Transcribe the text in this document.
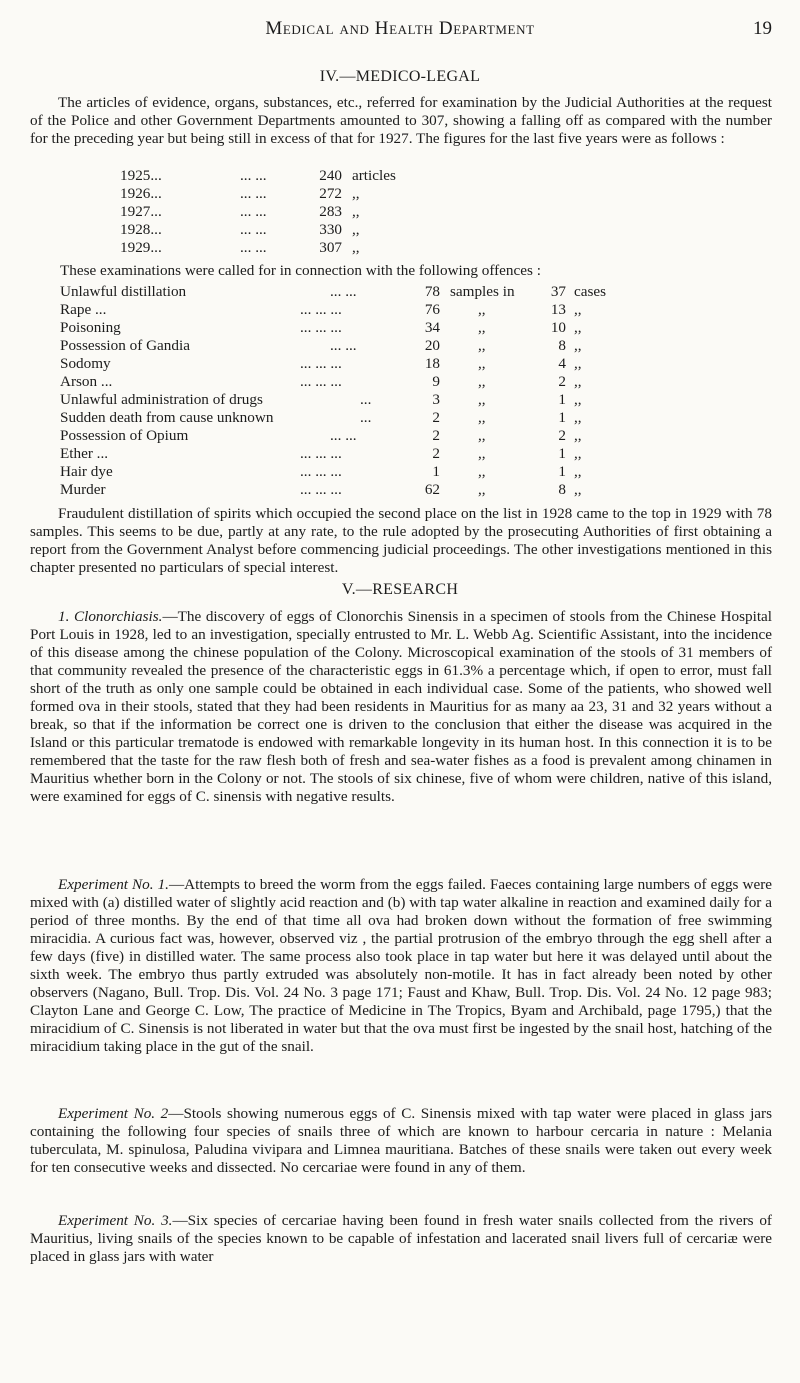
Medical and Health Department	19
IV.—MEDICO-LEGAL
The articles of evidence, organs, substances, etc., referred for examination by the Judicial Authorities at the request of the Police and other Government Departments amounted to 307, showing a falling off as compared with the number for the preceding year but being still in excess of that for 1927. The figures for the last five years were as follows :
1925...	... ...	240 articles
1926...	... ...	272 ,,
1927...	... ...	283 ,,
1928...	... ...	330 ,,
1929...	... ...	307 ,,
These examinations were called for in connection with the following offences :
Unlawful distillation	... ...	78 samples in	37 cases
Rape ...	... ... ...	76	,,	13 ,,
Poisoning	... ... ...	34	,,	10 ,,
Possession of Gandia	... ...	20	,,	8 ,,
Sodomy	... ... ...	18	,,	4 ,,
Arson ...	... ... ...	9	,,	2 ,,
Unlawful administration of drugs	...	3	,,	1 ,,
Sudden death from cause unknown	...	2	,,	1 ,,
Possession of Opium	... ...	2	,,	2 ,,
Ether ...	... ... ...	2	,,	1 ,,
Hair dye	... ... ...	1	,,	1 ,,
Murder	... ... ...	62	,,	8 ,,
Fraudulent distillation of spirits which occupied the second place on the list in 1928 came to the top in 1929 with 78 samples. This seems to be due, partly at any rate, to the rule adopted by the prosecuting Authorities of first obtaining a report from the Government Analyst before commencing judicial proceedings. The other investigations mentioned in this chapter presented no particulars of special interest.
V.—RESEARCH
1. Clonorchiasis.—The discovery of eggs of Clonorchis Sinensis in a specimen of stools from the Chinese Hospital Port Louis in 1928, led to an investigation, specially entrusted to Mr. L. Webb Ag. Scientific Assistant, into the incidence of this disease among the chinese population of the Colony. Microscopical examination of the stools of 31 members of that community revealed the presence of the characteristic eggs in 61.3% a percentage which, if open to error, must fall short of the truth as only one sample could be obtained in each individual case. Some of the patients, who showed well formed ova in their stools, stated that they had been residents in Mauritius for as many aa 23, 31 and 32 years without a break, so that if the information be correct one is driven to the conclusion that either the disease was acquired in the Island or this particular trematode is endowed with remarkable longevity in its human host. In this connection it is to be remembered that the taste for the raw flesh both of fresh and sea-water fishes as a food is prevalent among chinamen in Mauritius whether born in the Colony or not. The stools of six chinese, five of whom were children, native of this island, were examined for eggs of C. sinensis with negative results.
Experiment No. 1.—Attempts to breed the worm from the eggs failed. Faeces containing large numbers of eggs were mixed with (a) distilled water of slightly acid reaction and (b) with tap water alkaline in reaction and examined daily for a period of three months. By the end of that time all ova had broken down without the formation of free swimming miracidia. A curious fact was, however, observed viz , the partial protrusion of the embryo through the egg shell after a few days (five) in distilled water. The same process also took place in tap water but here it was delayed until about the sixth week. The embryo thus partly extruded was absolutely non-motile. It has in fact already been noted by other observers (Nagano, Bull. Trop. Dis. Vol. 24 No. 3 page 171; Faust and Khaw, Bull. Trop. Dis. Vol. 24 No. 12 page 983; Clayton Lane and George C. Low, The practice of Medicine in The Tropics, Byam and Archibald, page 1795,) that the miracidium of C. Sinensis is not liberated in water but that the ova must first be ingested by the snail host, hatching of the miracidium taking place in the gut of the snail.
Experiment No. 2—Stools showing numerous eggs of C. Sinensis mixed with tap water were placed in glass jars containing the following four species of snails three of which are known to harbour cercaria in nature : Melania tuberculata, M. spinulosa, Paludina vivipara and Limnea mauritiana. Batches of these snails were taken out every week for ten consecutive weeks and dissected. No cercariae were found in any of them.
Experiment No. 3.—Six species of cercariae having been found in fresh water snails collected from the rivers of Mauritius, living snails of the species known to be capable of infestation and lacerated snail livers full of cercariæ were placed in glass jars with water
